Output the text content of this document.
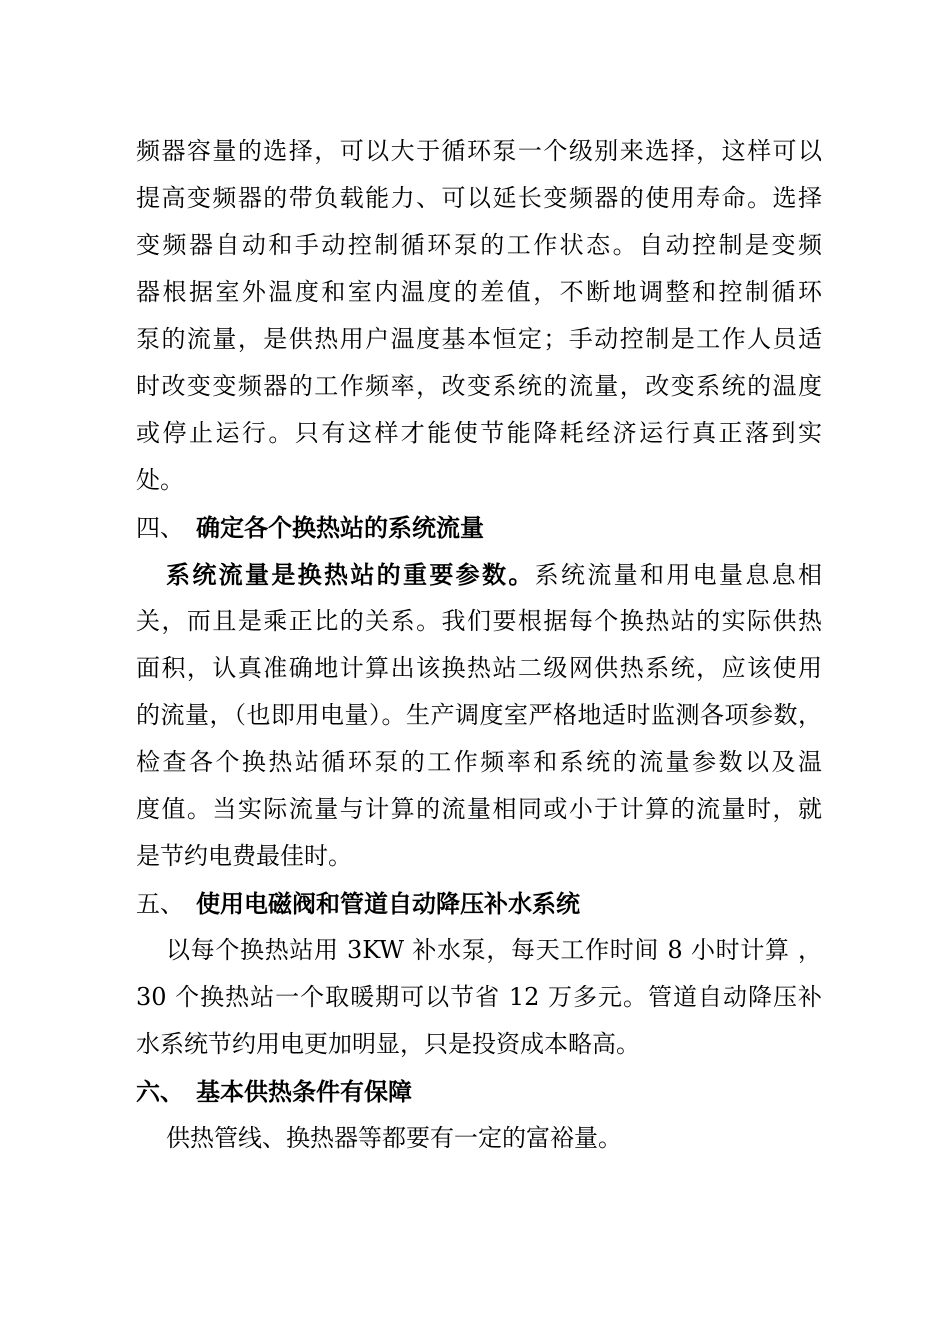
频器容量的选择，可以大于循环泵一个级别来选择，这样可以
提高变频器的带负载能力、可以延长变频器的使用寿命。选择
变频器自动和手动控制循环泵的工作状态。自动控制是变频
器根据室外温度和室内温度的差值，不断地调整和控制循环
泵的流量，是供热用户温度基本恒定；手动控制是工作人员适
时改变变频器的工作频率，改变系统的流量，改变系统的温度
或停止运行。只有这样才能使节能降耗经济运行真正落到实
处。
四、 确定各个换热站的系统流量
系统流量是换热站的重要参数。系统流量和用电量息息相
关，而且是乘正比的关系。我们要根据每个换热站的实际供热
面积，认真准确地计算出该换热站二级网供热系统，应该使用
的流量，（也即用电量）。生产调度室严格地适时监测各项参数，
检查各个换热站循环泵的工作频率和系统的流量参数以及温
度值。当实际流量与计算的流量相同或小于计算的流量时，就
是节约电费最佳时。
五、 使用电磁阀和管道自动降压补水系统
以每个换热站用 3KW 补水泵，每天工作时间 8 小时计算 ，
30 个换热站一个取暖期可以节省 12 万多元。管道自动降压补
水系统节约用电更加明显，只是投资成本略高。
六、 基本供热条件有保障
供热管线、换热器等都要有一定的富裕量。
